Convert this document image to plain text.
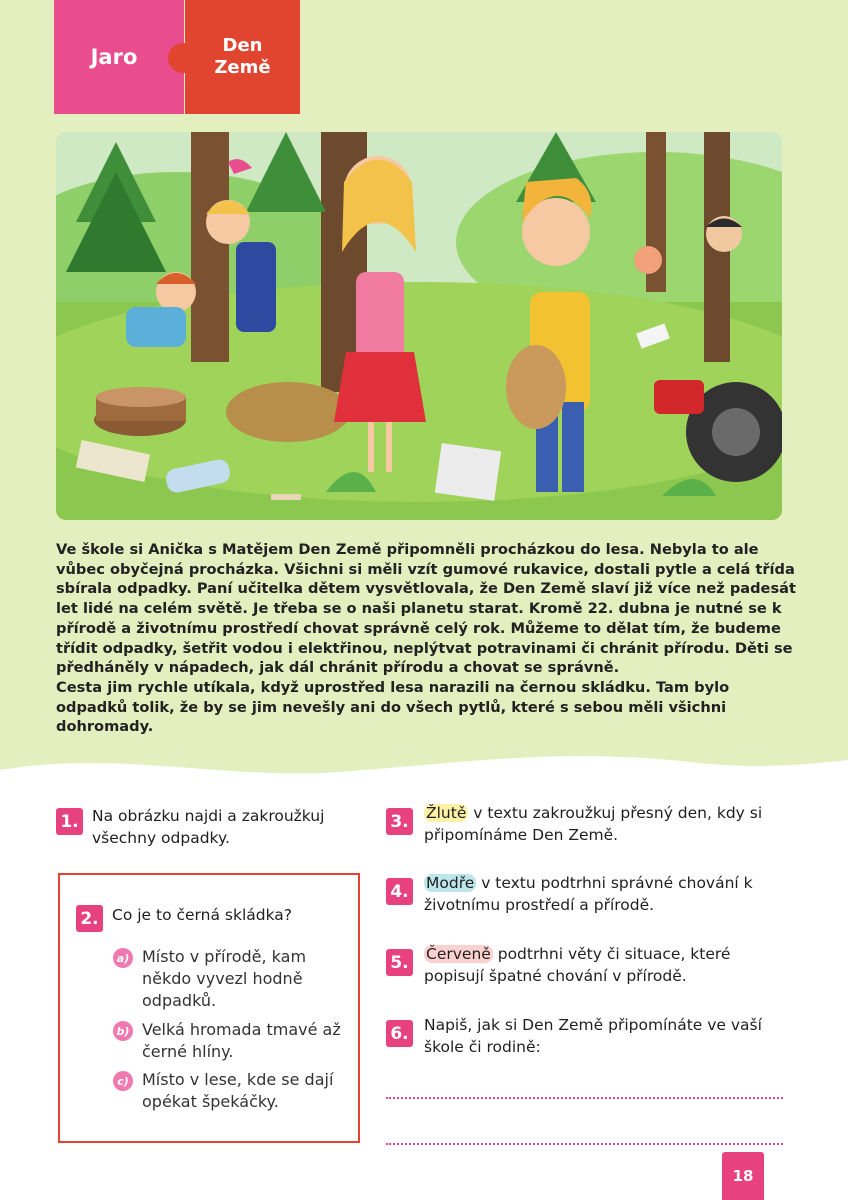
Jaro	Den
Země

Ve škole si Anička s Matějem Den Země připomněli procházkou do lesa. Nebyla to ale vůbec obyčejná procházka. Všichni si měli vzít gumové rukavice, dostali pytle a celá třída sbírala odpadky. Paní učitelka dětem vysvětlovala, že Den Země slaví již více než padesát let lidé na celém světě. Je třeba se o naši planetu starat. Kromě 22. dubna je nutné se k přírodě a životnímu prostředí chovat správně celý rok. Můžeme to dělat tím, že budeme třídit odpadky, šetřit vodou i elektřinou, neplýtvat potravinami či chránit přírodu. Děti se předháněly v nápadech, jak dál chránit přírodu a chovat se správně.

Cesta jim rychle utíkala, když uprostřed lesa narazili na černou skládku. Tam bylo odpadků tolik, že by se jim nevešly ani do všech pytlů, které s sebou měli všichni dohromady.

1. Na obrázku najdi a zakroužkuj všechny odpadky.
2. Co je to černá skládka?
a) Místo v přírodě, kam někdo vyvezl hodně odpadků.
b) Velká hromada tmavé až černé hlíny.
c) Místo v lese, kde se dají opékat špekáčky.
3. Žlutě v textu zakroužkuj přesný den, kdy si připomínáme Den Země.
4. Modře v textu podtrhni správné chování k životnímu prostředí a přírodě.
5. Červeně podtrhni věty či situace, které popisují špatné chování v přírodě.
6. Napiš, jak si Den Země připomínáte ve vaší škole či rodině:
18
